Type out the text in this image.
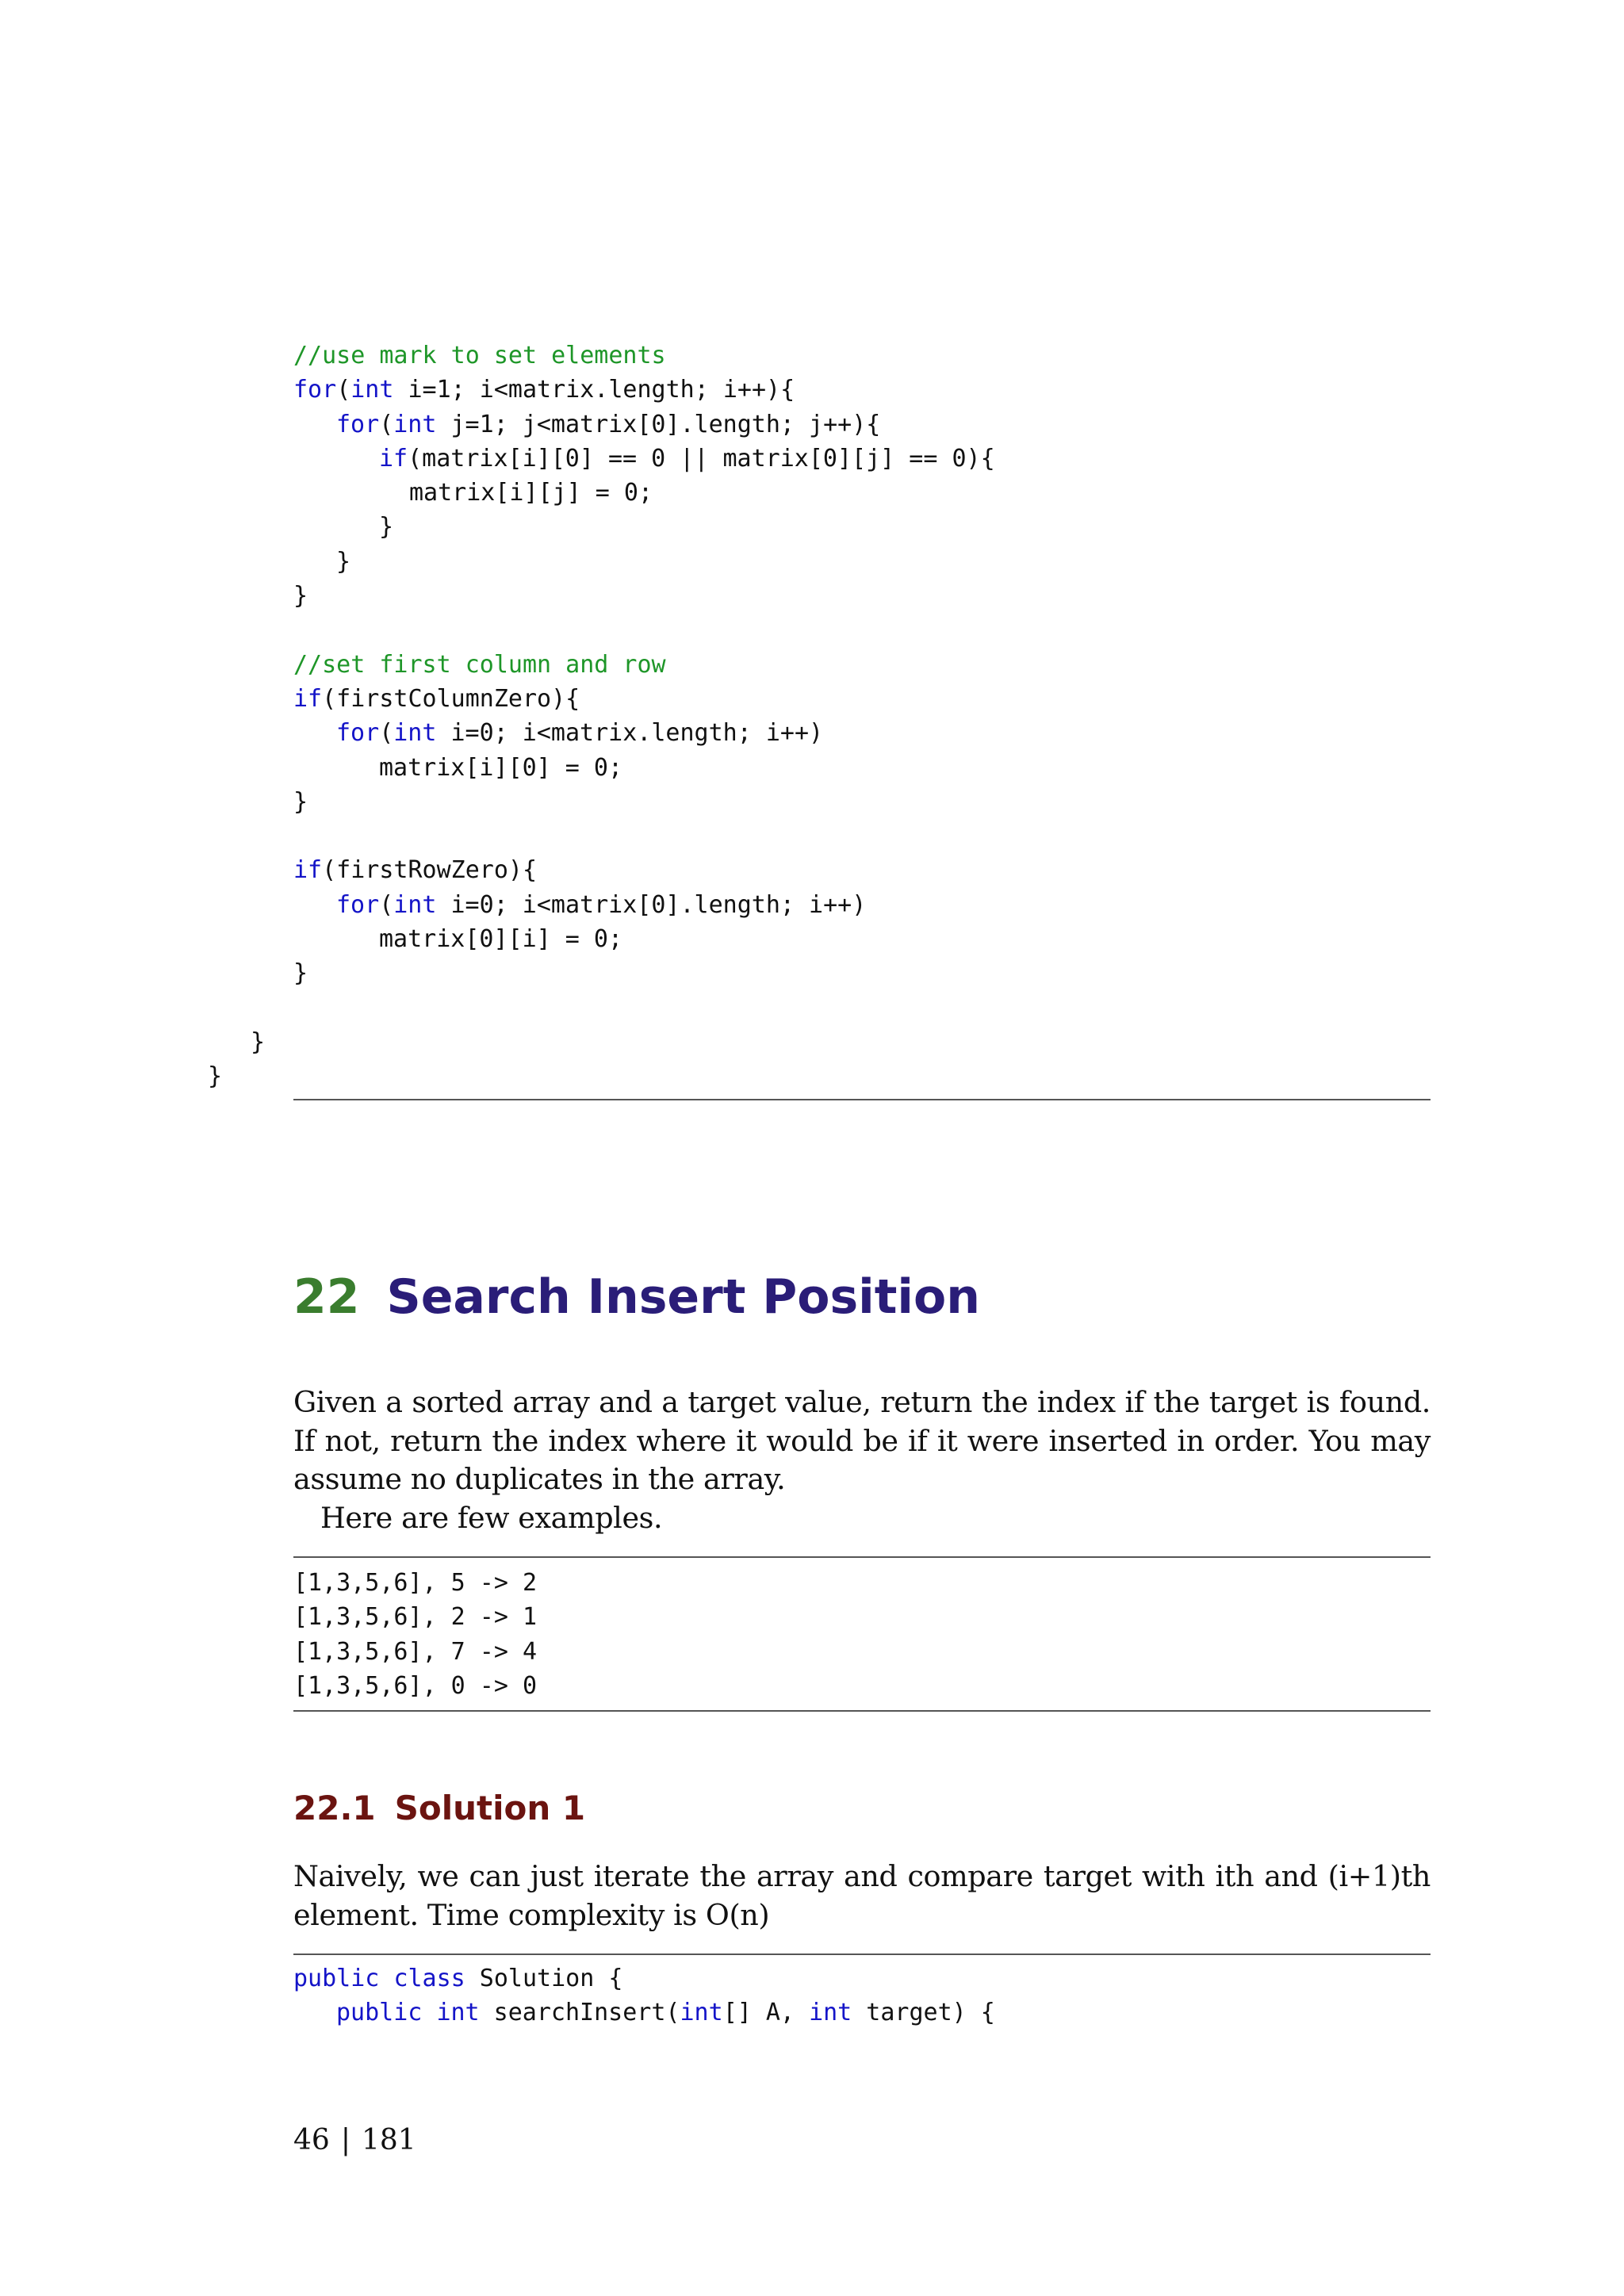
//use mark to set elements
for(int i=1; i<matrix.length; i++){
for(int j=1; j<matrix[0].length; j++){
if(matrix[i][0] == 0 || matrix[0][j] == 0){
matrix[i][j] = 0;
}
}
}

//set first column and row
if(firstColumnZero){
for(int i=0; i<matrix.length; i++)
matrix[i][0] = 0;
}

if(firstRowZero){
for(int i=0; i<matrix[0].length; i++)
matrix[0][i] = 0;
}

}
}
22 Search Insert Position

Given a sorted array and a target value, return the index if the target is found. If not, return the index where it would be if it were inserted in order. You may assume no duplicates in the array.
Here are few examples.

[1,3,5,6], 5 -> 2
[1,3,5,6], 2 -> 1
[1,3,5,6], 7 -> 4
[1,3,5,6], 0 -> 0
22.1 Solution 1

Naively, we can just iterate the array and compare target with ith and (i+1)th element. Time complexity is O(n)

public class Solution {
public int searchInsert(int[] A, int target) {
46 | 181
